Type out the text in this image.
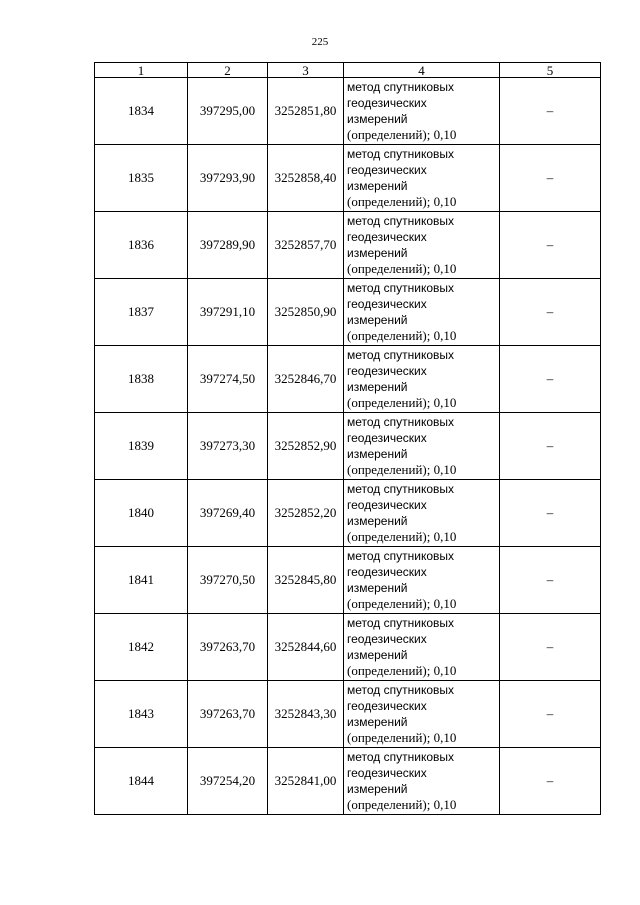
225
1	2	3	4	5
1834	397295,00	3252851,80	метод спутниковых
геодезических
измерений
(определений); 0,10	–
1835	397293,90	3252858,40	метод спутниковых
геодезических
измерений
(определений); 0,10	–
1836	397289,90	3252857,70	метод спутниковых
геодезических
измерений
(определений); 0,10	–
1837	397291,10	3252850,90	метод спутниковых
геодезических
измерений
(определений); 0,10	–
1838	397274,50	3252846,70	метод спутниковых
геодезических
измерений
(определений); 0,10	–
1839	397273,30	3252852,90	метод спутниковых
геодезических
измерений
(определений); 0,10	–
1840	397269,40	3252852,20	метод спутниковых
геодезических
измерений
(определений); 0,10	–
1841	397270,50	3252845,80	метод спутниковых
геодезических
измерений
(определений); 0,10	–
1842	397263,70	3252844,60	метод спутниковых
геодезических
измерений
(определений); 0,10	–
1843	397263,70	3252843,30	метод спутниковых
геодезических
измерений
(определений); 0,10	–
1844	397254,20	3252841,00	метод спутниковых
геодезических
измерений
(определений); 0,10	–
